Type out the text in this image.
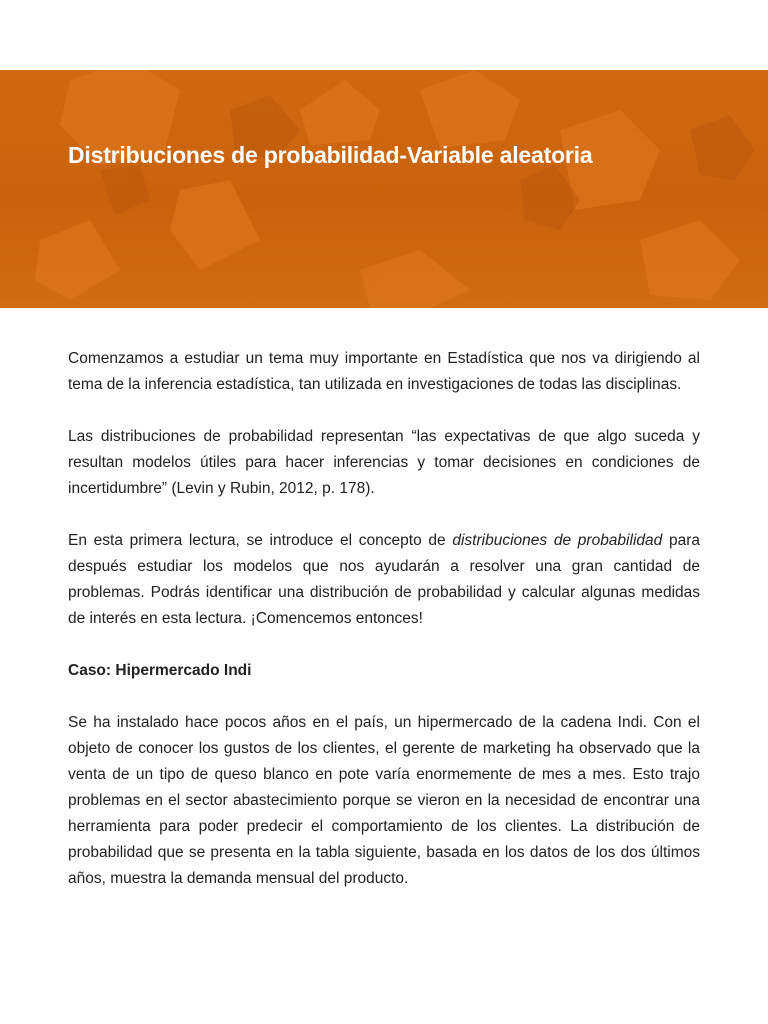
Distribuciones de probabilidad-Variable aleatoria

Comenzamos a estudiar un tema muy importante en Estadística que nos va dirigiendo al tema de la inferencia estadística, tan utilizada en investigaciones de todas las disciplinas.

Las distribuciones de probabilidad representan “las expectativas de que algo suceda y resultan modelos útiles para hacer inferencias y tomar decisiones en condiciones de incertidumbre” (Levin y Rubin, 2012, p. 178).

En esta primera lectura, se introduce el concepto de distribuciones de probabilidad para después estudiar los modelos que nos ayudarán a resolver una gran cantidad de problemas. Podrás identificar una distribución de probabilidad y calcular algunas medidas de interés en esta lectura. ¡Comencemos entonces!

Caso: Hipermercado Indi

Se ha instalado hace pocos años en el país, un hipermercado de la cadena Indi. Con el objeto de conocer los gustos de los clientes, el gerente de marketing ha observado que la venta de un tipo de queso blanco en pote varía enormemente de mes a mes. Esto trajo problemas en el sector abastecimiento porque se vieron en la necesidad de encontrar una herramienta para poder predecir el comportamiento de los clientes. La distribución de probabilidad que se presenta en la tabla siguiente, basada en los datos de los dos últimos años, muestra la demanda mensual del producto.
